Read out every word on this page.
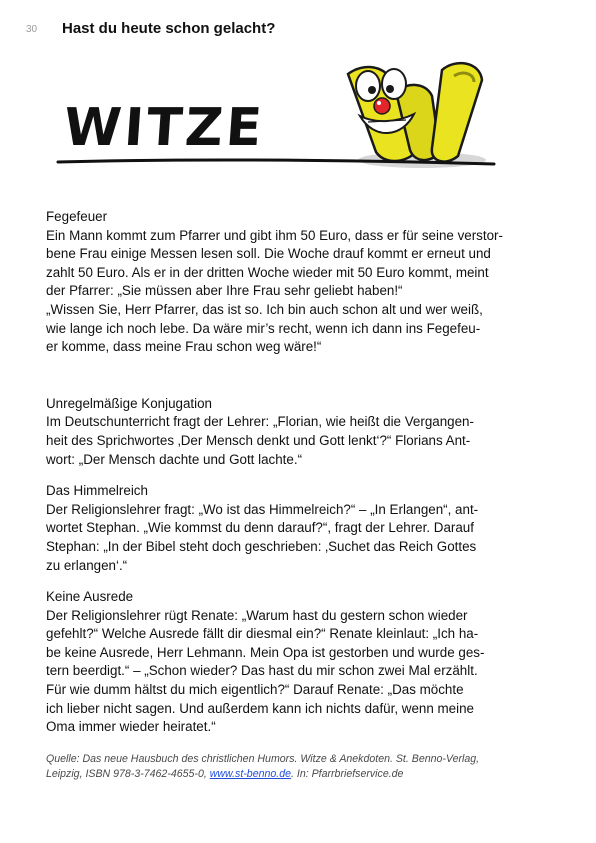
30 Hast du heute schon gelacht?
WITZE
Fegefeuer
Ein Mann kommt zum Pfarrer und gibt ihm 50 Euro, dass er für seine verstor-
bene Frau einige Messen lesen soll. Die Woche drauf kommt er erneut und
zahlt 50 Euro. Als er in der dritten Woche wieder mit 50 Euro kommt, meint
der Pfarrer: „Sie müssen aber Ihre Frau sehr geliebt haben!“
„Wissen Sie, Herr Pfarrer, das ist so. Ich bin auch schon alt und wer weiß,
wie lange ich noch lebe. Da wäre mir’s recht, wenn ich dann ins Fegefeu-
er komme, dass meine Frau schon weg wäre!“
Unregelmäßige Konjugation
Im Deutschunterricht fragt der Lehrer: „Florian, wie heißt die Vergangen-
heit des Sprichwortes ‚Der Mensch denkt und Gott lenkt‘?“ Florians Ant-
wort: „Der Mensch dachte und Gott lachte.“
Das Himmelreich
Der Religionslehrer fragt: „Wo ist das Himmelreich?“ – „In Erlangen“, ant-
wortet Stephan. „Wie kommst du denn darauf?“, fragt der Lehrer. Darauf
Stephan: „In der Bibel steht doch geschrieben: ‚Suchet das Reich Gottes
zu erlangen‘.“
Keine Ausrede
Der Religionslehrer rügt Renate: „Warum hast du gestern schon wieder
gefehlt?“ Welche Ausrede fällt dir diesmal ein?“ Renate kleinlaut: „Ich ha-
be keine Ausrede, Herr Lehmann. Mein Opa ist gestorben und wurde ges-
tern beerdigt.“ – „Schon wieder? Das hast du mir schon zwei Mal erzählt.
Für wie dumm hältst du mich eigentlich?“ Darauf Renate: „Das möchte
ich lieber nicht sagen. Und außerdem kann ich nichts dafür, wenn meine
Oma immer wieder heiratet.“
Quelle: Das neue Hausbuch des christlichen Humors. Witze & Anekdoten. St. Benno-Verlag,
Leipzig, ISBN 978-3-7462-4655-0, www.st-benno.de. In: Pfarrbriefservice.de
